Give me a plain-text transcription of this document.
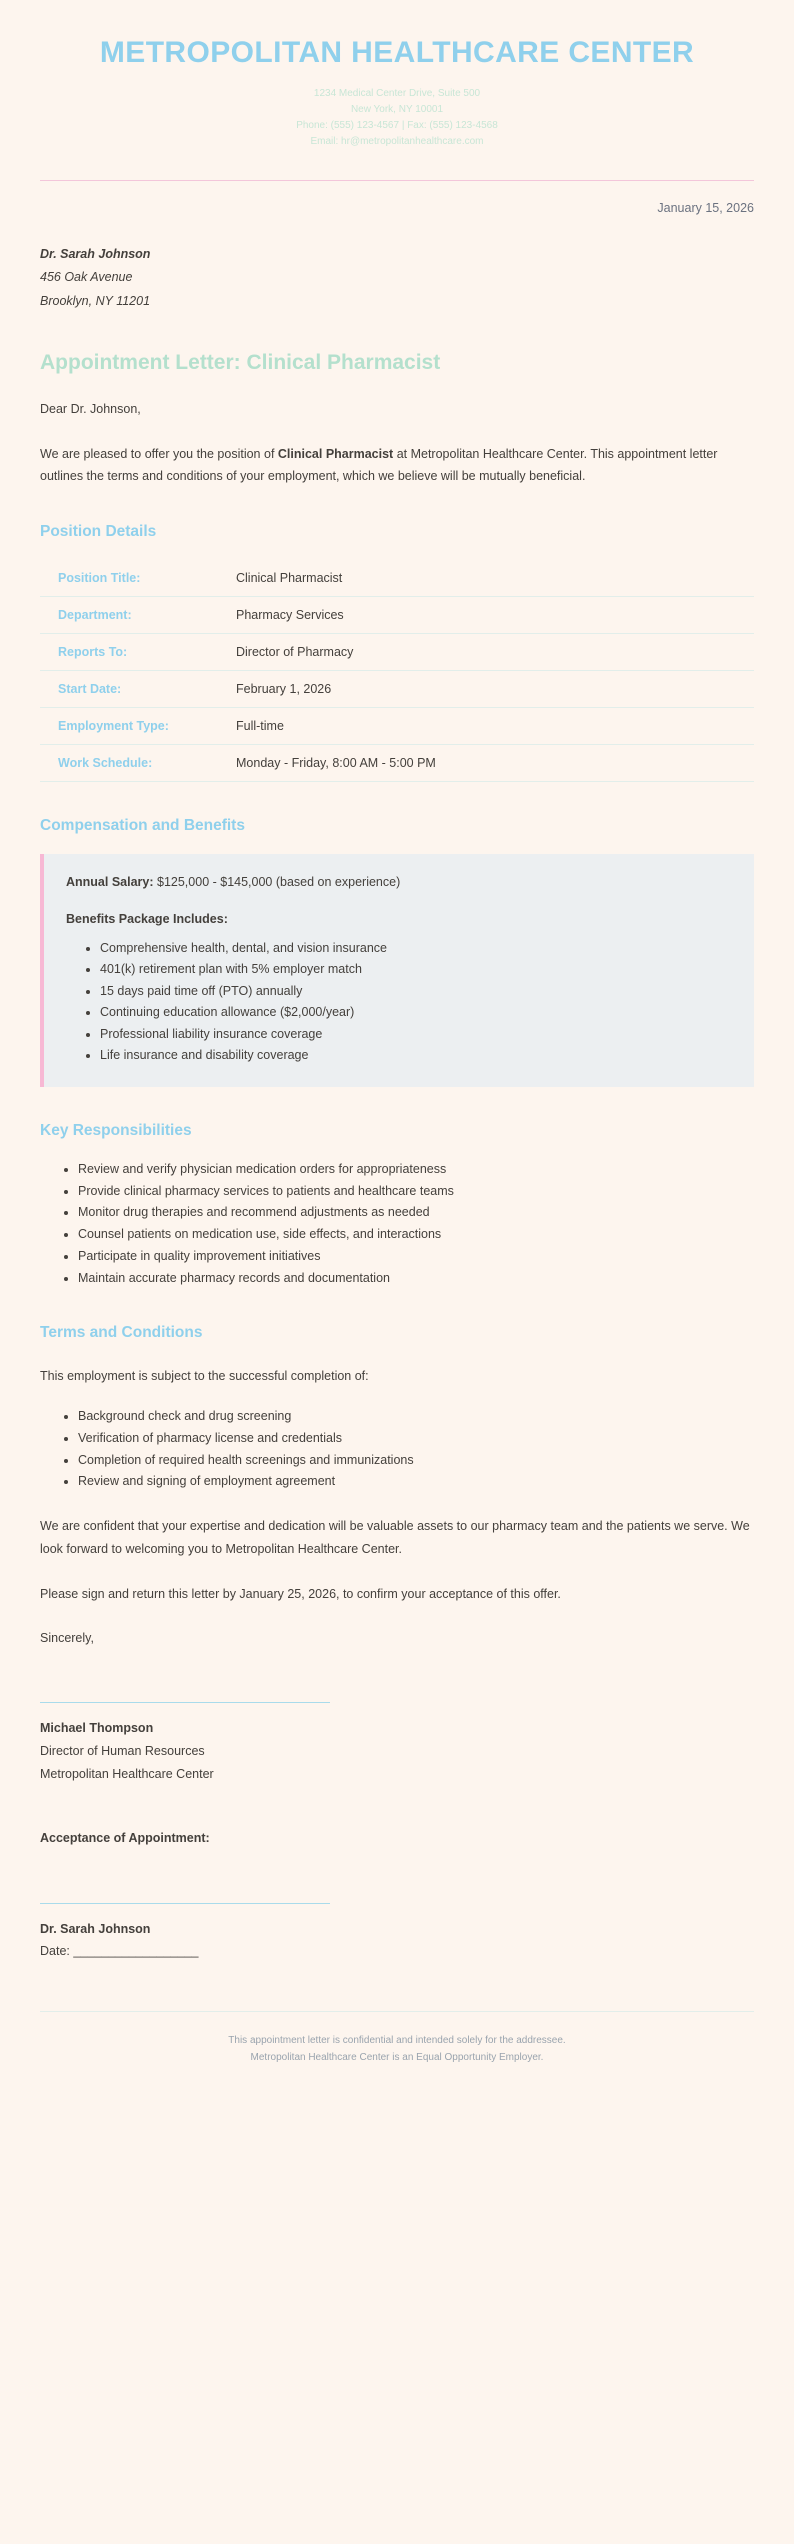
METROPOLITAN HEALTHCARE CENTER
1234 Medical Center Drive, Suite 500
New York, NY 10001
Phone: (555) 123-4567 | Fax: (555) 123-4568
Email: hr@metropolitanhealthcare.com
January 15, 2026
Dr. Sarah Johnson
456 Oak Avenue
Brooklyn, NY 11201
Appointment Letter: Clinical Pharmacist

Dear Dr. Johnson,

We are pleased to offer you the position of Clinical Pharmacist at Metropolitan Healthcare Center. This appointment letter outlines the terms and conditions of your employment, which we believe will be mutually beneficial.

Position Details
Position Title:	Clinical Pharmacist
Department:	Pharmacy Services
Reports To:	Director of Pharmacy
Start Date:	February 1, 2026
Employment Type:	Full-time
Work Schedule:	Monday - Friday, 8:00 AM - 5:00 PM
Compensation and Benefits

Annual Salary: $125,000 - $145,000 (based on experience)

Benefits Package Includes:

• Comprehensive health, dental, and vision insurance
• 401(k) retirement plan with 5% employer match
• 15 days paid time off (PTO) annually
• Continuing education allowance ($2,000/year)
• Professional liability insurance coverage
• Life insurance and disability coverage
Key Responsibilities
• Review and verify physician medication orders for appropriateness
• Provide clinical pharmacy services to patients and healthcare teams
• Monitor drug therapies and recommend adjustments as needed
• Counsel patients on medication use, side effects, and interactions
• Participate in quality improvement initiatives
• Maintain accurate pharmacy records and documentation
Terms and Conditions

This employment is subject to the successful completion of:

• Background check and drug screening
• Verification of pharmacy license and credentials
• Completion of required health screenings and immunizations
• Review and signing of employment agreement

We are confident that your expertise and dedication will be valuable assets to our pharmacy team and the patients we serve. We look forward to welcoming you to Metropolitan Healthcare Center.

Please sign and return this letter by January 25, 2026, to confirm your acceptance of this offer.

Sincerely,

Michael Thompson
Director of Human Resources
Metropolitan Healthcare Center
Acceptance of Appointment:
Dr. Sarah Johnson
Date: __________________
This appointment letter is confidential and intended solely for the addressee.
Metropolitan Healthcare Center is an Equal Opportunity Employer.
